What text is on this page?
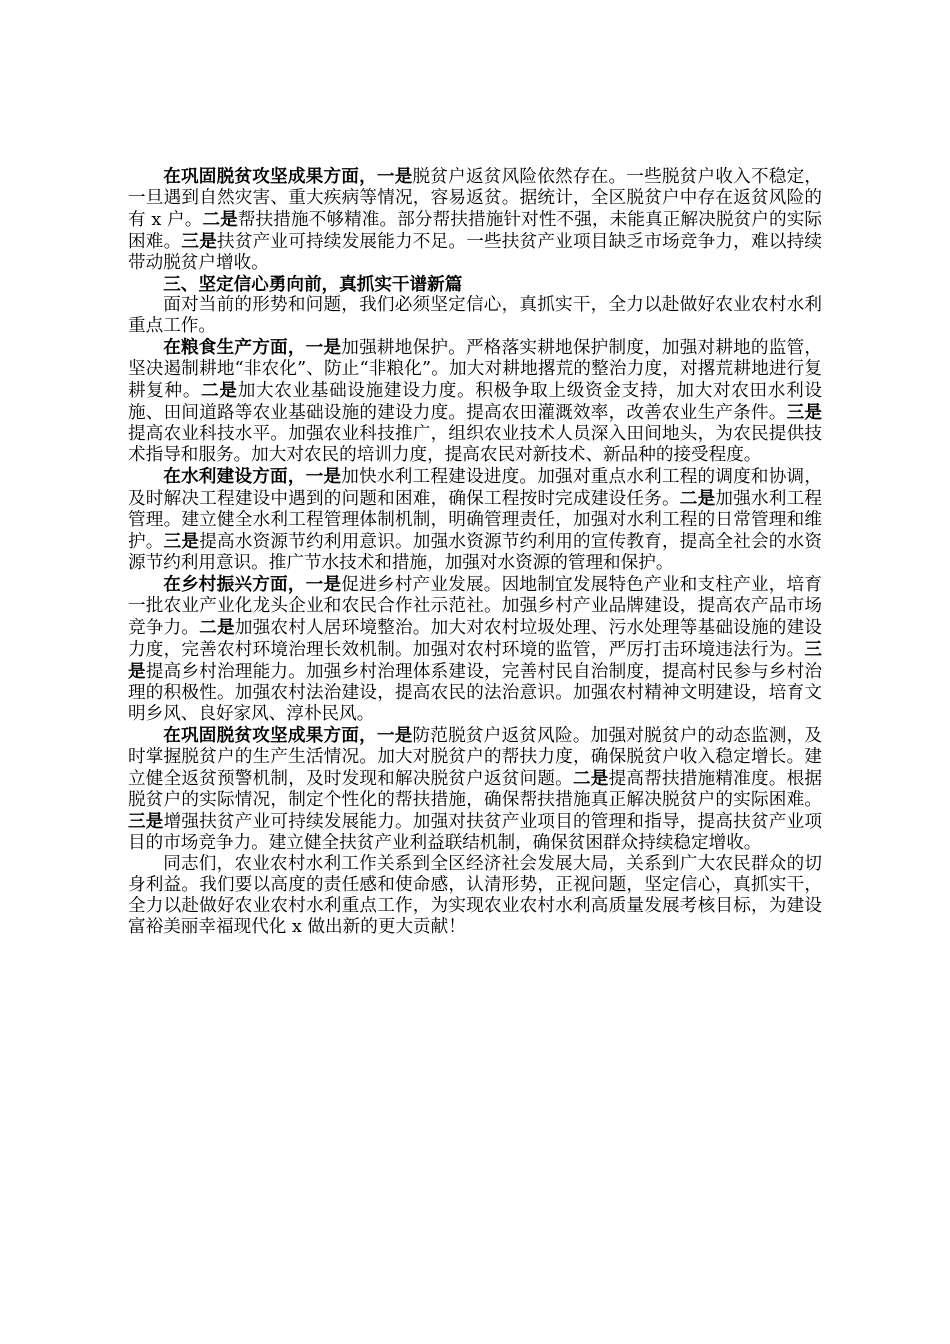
在巩固脱贫攻坚成果方面，一是脱贫户返贫风险依然存在。一些脱贫户收入不稳定，一旦遇到自然灾害、重大疾病等情况，容易返贫。据统计，全区脱贫户中存在返贫风险的有 x 户。二是帮扶措施不够精准。部分帮扶措施针对性不强，未能真正解决脱贫户的实际困难。三是扶贫产业可持续发展能力不足。一些扶贫产业项目缺乏市场竞争力，难以持续带动脱贫户增收。

三、坚定信心勇向前，真抓实干谱新篇

面对当前的形势和问题，我们必须坚定信心，真抓实干，全力以赴做好农业农村水利重点工作。

在粮食生产方面，一是加强耕地保护。严格落实耕地保护制度，加强对耕地的监管，坚决遏制耕地“非农化”、防止“非粮化”。加大对耕地撂荒的整治力度，对撂荒耕地进行复耕复种。二是加大农业基础设施建设力度。积极争取上级资金支持，加大对农田水利设施、田间道路等农业基础设施的建设力度。提高农田灌溉效率，改善农业生产条件。三是提高农业科技水平。加强农业科技推广，组织农业技术人员深入田间地头，为农民提供技术指导和服务。加大对农民的培训力度，提高农民对新技术、新品种的接受程度。

在水利建设方面，一是加快水利工程建设进度。加强对重点水利工程的调度和协调，及时解决工程建设中遇到的问题和困难，确保工程按时完成建设任务。二是加强水利工程管理。建立健全水利工程管理体制机制，明确管理责任，加强对水利工程的日常管理和维护。三是提高水资源节约利用意识。加强水资源节约利用的宣传教育，提高全社会的水资源节约利用意识。推广节水技术和措施，加强对水资源的管理和保护。

在乡村振兴方面，一是促进乡村产业发展。因地制宜发展特色产业和支柱产业，培育一批农业产业化龙头企业和农民合作社示范社。加强乡村产业品牌建设，提高农产品市场竞争力。二是加强农村人居环境整治。加大对农村垃圾处理、污水处理等基础设施的建设力度，完善农村环境治理长效机制。加强对农村环境的监管，严厉打击环境违法行为。三是提高乡村治理能力。加强乡村治理体系建设，完善村民自治制度，提高村民参与乡村治理的积极性。加强农村法治建设，提高农民的法治意识。加强农村精神文明建设，培育文明乡风、良好家风、淳朴民风。

在巩固脱贫攻坚成果方面，一是防范脱贫户返贫风险。加强对脱贫户的动态监测，及时掌握脱贫户的生产生活情况。加大对脱贫户的帮扶力度，确保脱贫户收入稳定增长。建立健全返贫预警机制，及时发现和解决脱贫户返贫问题。二是提高帮扶措施精准度。根据脱贫户的实际情况，制定个性化的帮扶措施，确保帮扶措施真正解决脱贫户的实际困难。三是增强扶贫产业可持续发展能力。加强对扶贫产业项目的管理和指导，提高扶贫产业项目的市场竞争力。建立健全扶贫产业利益联结机制，确保贫困群众持续稳定增收。

同志们，农业农村水利工作关系到全区经济社会发展大局，关系到广大农民群众的切身利益。我们要以高度的责任感和使命感，认清形势，正视问题，坚定信心，真抓实干，全力以赴做好农业农村水利重点工作，为实现农业农村水利高质量发展考核目标，为建设富裕美丽幸福现代化 x 做出新的更大贡献！
